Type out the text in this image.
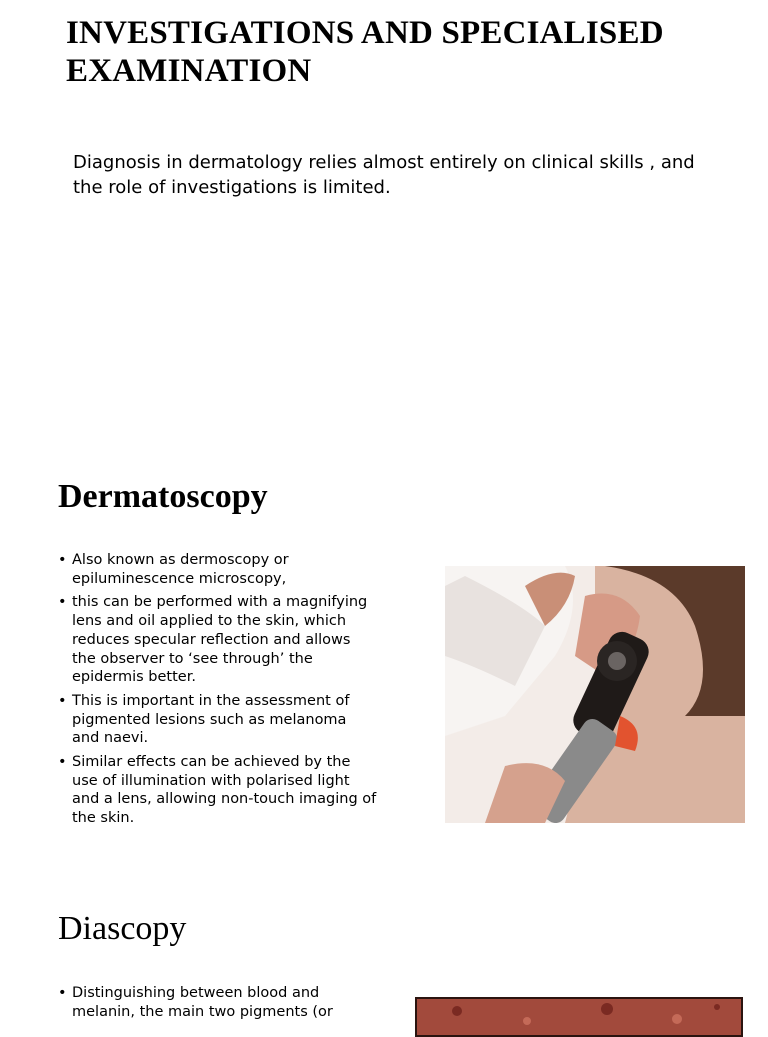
INVESTIGATIONS AND SPECIALISED
EXAMINATION

Diagnosis in dermatology relies almost entirely on clinical skills , and
the role of investigations is limited.

Dermatoscopy
• Also known as dermoscopy or epiluminescence microscopy,
• this can be performed with a magnifying lens and oil applied to the skin, which reduces specular reflection and allows the observer to ‘see through’ the epidermis better.
• This is important in the assessment of pigmented lesions such as melanoma and naevi.
• Similar effects can be achieved by the use of illumination with polarised light and a lens, allowing non-touch imaging of the skin.
Diascopy
• Distinguishing between blood and melanin, the main two pigments (or
